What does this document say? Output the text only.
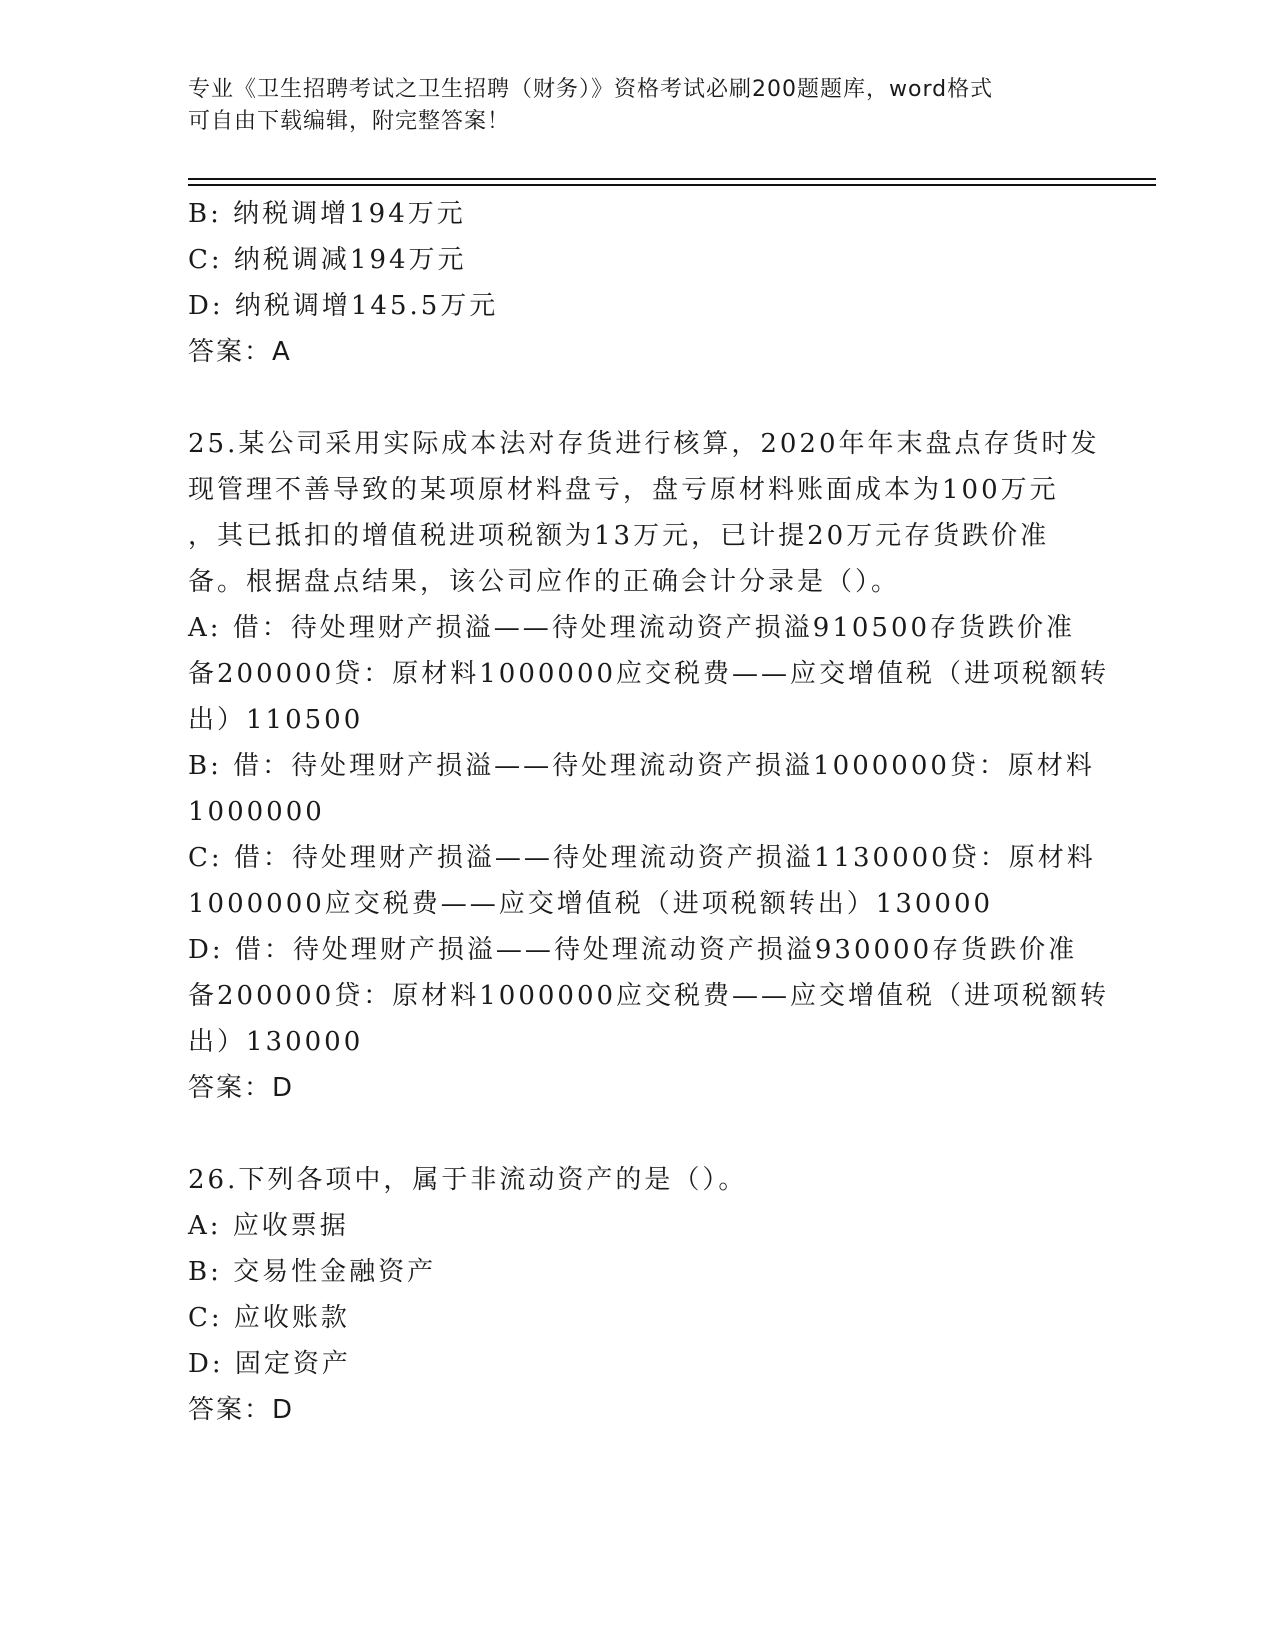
专业《卫生招聘考试之卫生招聘（财务）》资格考试必刷200题题库，word格式
可自由下载编辑，附完整答案！
B: 纳税调增194万元
C: 纳税调减194万元
D: 纳税调增145.5万元
答案：A
25.某公司采用实际成本法对存货进行核算，2020年年末盘点存货时发
现管理不善导致的某项原材料盘亏，盘亏原材料账面成本为100万元
，其已抵扣的增值税进项税额为13万元，已计提20万元存货跌价准
备。根据盘点结果，该公司应作的正确会计分录是（）。
A: 借：待处理财产损溢——待处理流动资产损溢910500存货跌价准
备200000贷：原材料1000000应交税费——应交增值税（进项税额转
出）110500
B: 借：待处理财产损溢——待处理流动资产损溢1000000贷：原材料
1000000
C: 借：待处理财产损溢——待处理流动资产损溢1130000贷：原材料
1000000应交税费——应交增值税（进项税额转出）130000
D: 借：待处理财产损溢——待处理流动资产损溢930000存货跌价准
备200000贷：原材料1000000应交税费——应交增值税（进项税额转
出）130000
答案：D
26.下列各项中，属于非流动资产的是（）。
A: 应收票据
B: 交易性金融资产
C: 应收账款
D: 固定资产
答案：D
